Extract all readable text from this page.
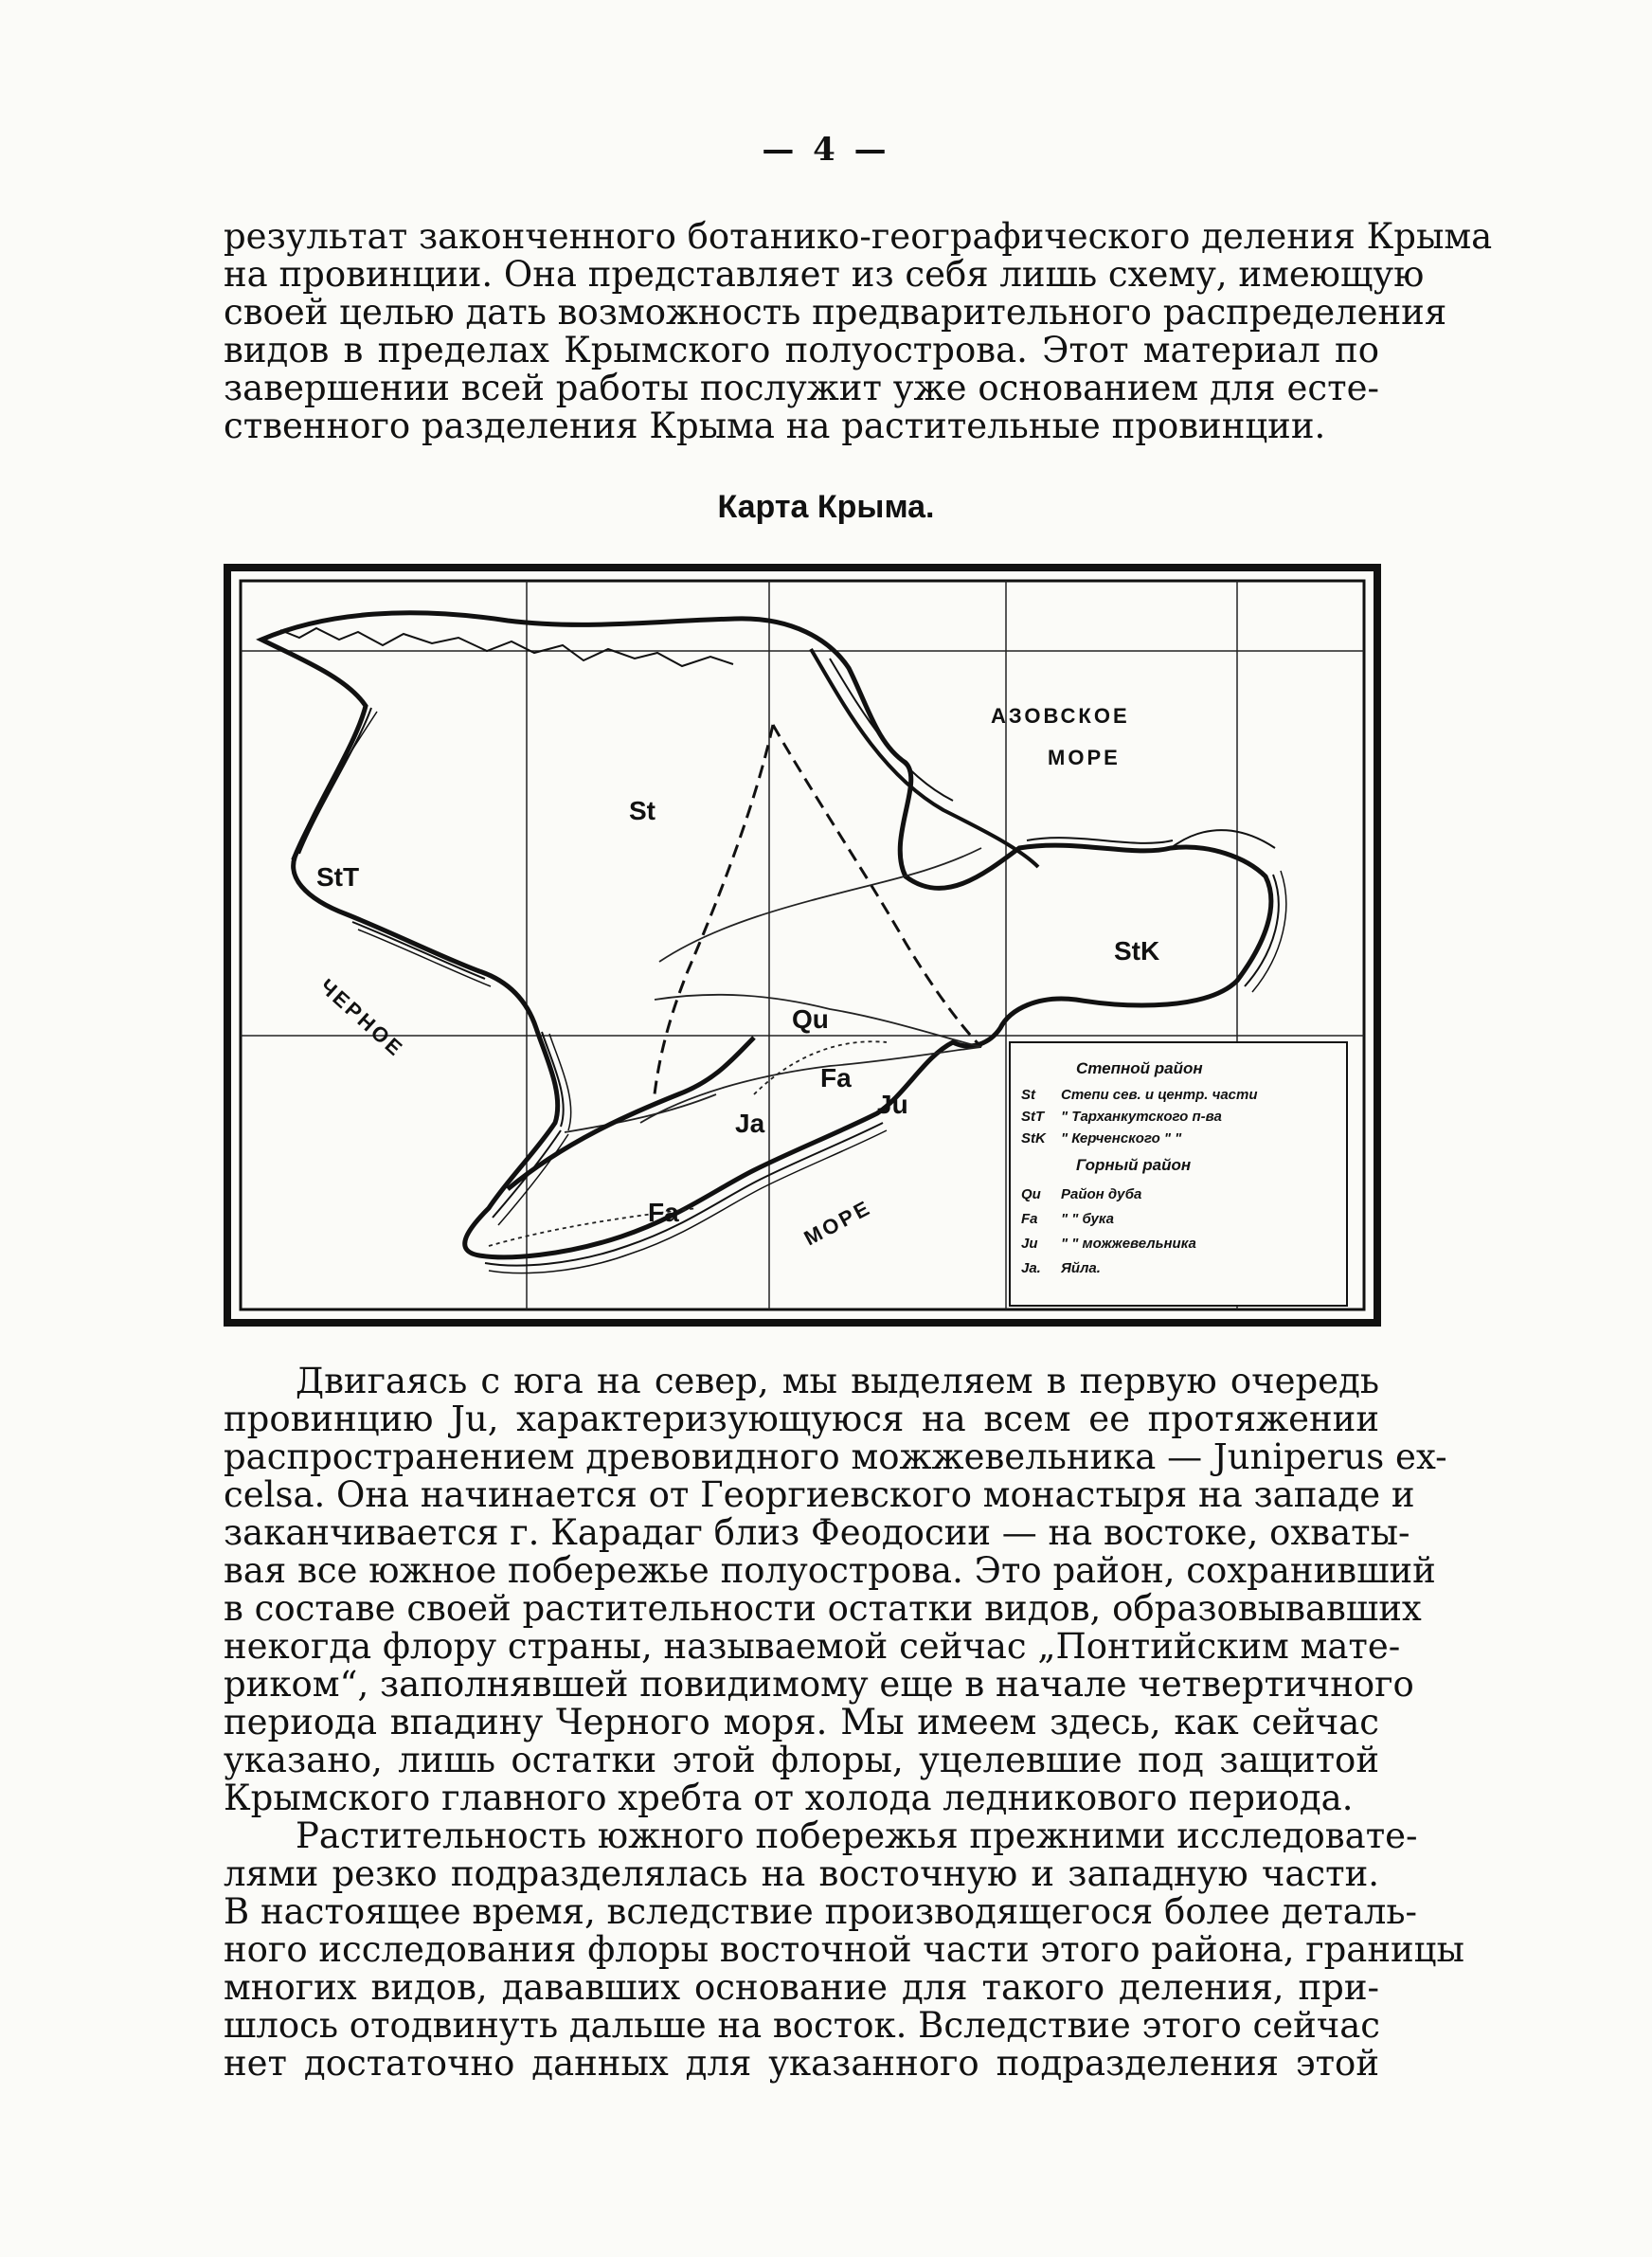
— 4 —
результат законченного ботанико-географического деления Крыма
на провинции. Она представляет из себя лишь схему, имеющую
своей целью дать возможность предварительного распределения
видов в пределах Крымского полуострова. Этот материал по
завершении всей работы послужит уже основанием для есте-
ственного разделения Крыма на растительные провинции.
Карта Крыма.
St
StT
StK
Qu
Fa
Ju
Ja
Fa
АЗОВСКОЕ
МОРЕ
ЧЕРНОЕ
МОРЕ
Степной район
St Степи сев. и центр. части
StT " Тарханкутского п-ва
StK " Керченского " "
Горный район
Qu Район дуба
Fa " " бука
Ju " " можжевельника
Ja. Яйла.
Двигаясь с юга на север, мы выделяем в первую очередь
провинцию Ju, характеризующуюся на всем ее протяжении
распространением древовидного можжевельника — Juniperus ex-
celsa. Она начинается от Георгиевского монастыря на западе и
заканчивается г. Карадаг близ Феодосии — на востоке, охваты-
вая все южное побережье полуострова. Это район, сохранивший
в составе своей растительности остатки видов, образовывавших
некогда флору страны, называемой сейчас „Понтийским мате-
риком“, заполнявшей повидимому еще в начале четвертичного
периода впадину Черного моря. Мы имеем здесь, как сейчас
указано, лишь остатки этой флоры, уцелевшие под защитой
Крымского главного хребта от холода ледникового периода.
Растительность южного побережья прежними исследовате-
лями резко подразделялась на восточную и западную части.
В настоящее время, вследствие производящегося более деталь-
ного исследования флоры восточной части этого района, границы
многих видов, дававших основание для такого деления, при-
шлось отодвинуть дальше на восток. Вследствие этого сейчас
нет достаточно данных для указанного подразделения этой
